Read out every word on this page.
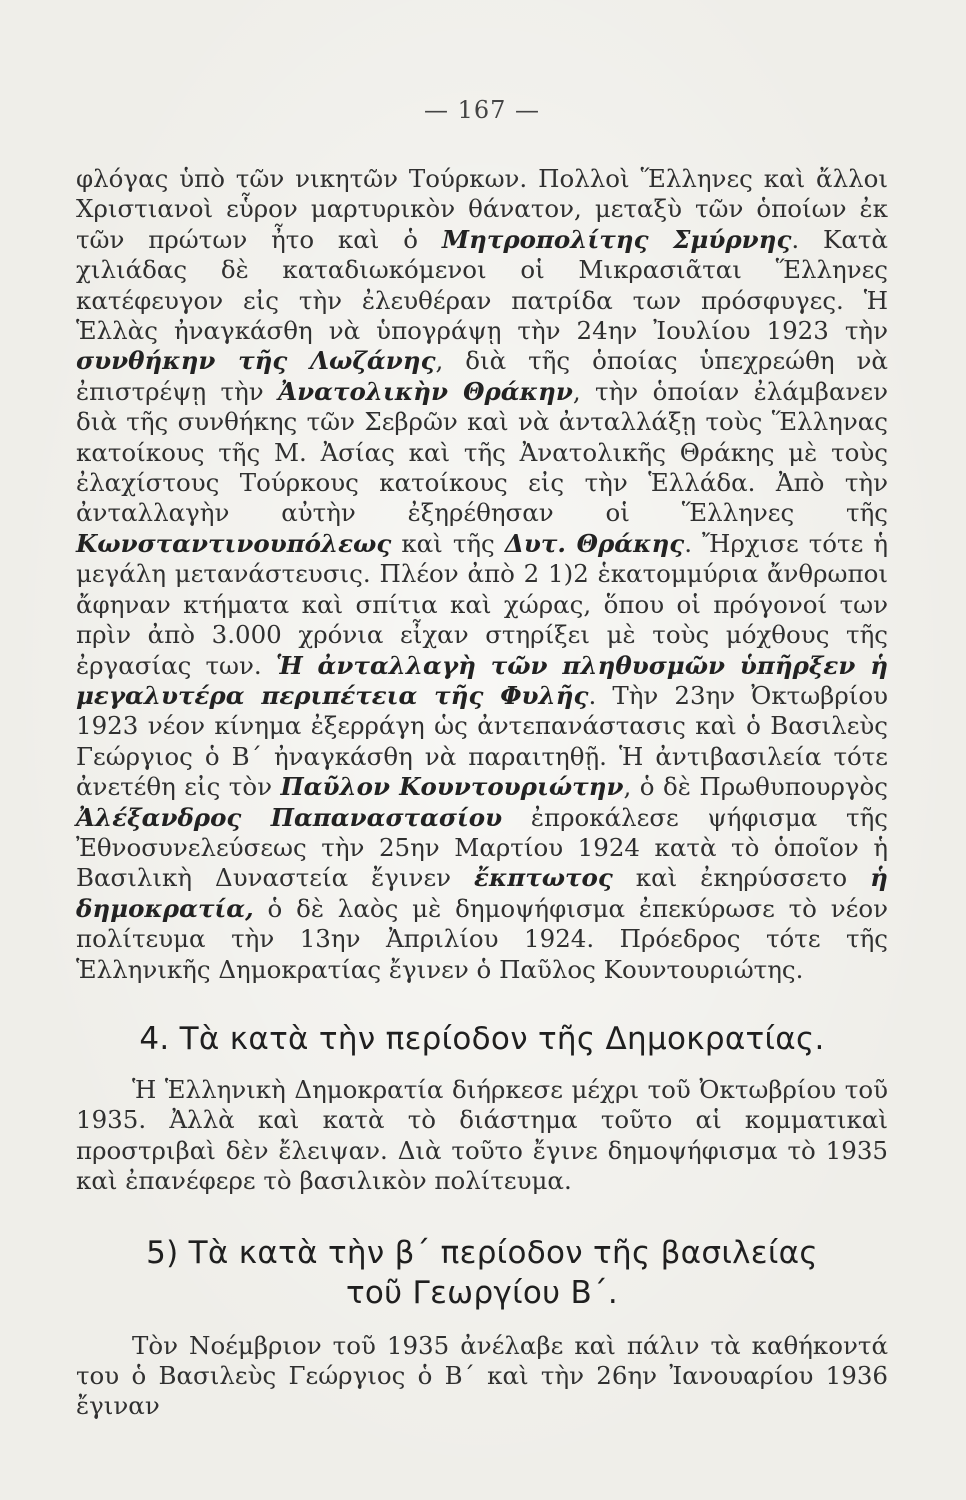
— 167 —

φλόγας ὑπὸ τῶν νικητῶν Τούρκων. Πολλοὶ Ἕλληνες καὶ ἄλλοι Χριστιανοὶ εὗρον μαρτυρικὸν θάνατον, μεταξὺ τῶν ὁποίων ἐκ τῶν πρώτων ἦτο καὶ ὁ Μητροπολίτης Σμύρνης. Κατὰ χιλιάδας δὲ καταδιωκόμενοι οἱ Μικρασιᾶται Ἕλληνες κατέφευγον εἰς τὴν ἐλευθέραν πατρίδα των πρόσφυγες. Ἡ Ἑλλὰς ἠναγκάσθη νὰ ὑπογράψῃ τὴν 24ην Ἰουλίου 1923 τὴν συνθήκην τῆς Λωζάνης, διὰ τῆς ὁποίας ὑπεχρεώθη νὰ ἐπιστρέψῃ τὴν Ἀνατολικὴν Θράκην, τὴν ὁποίαν ἐλάμβανεν διὰ τῆς συνθήκης τῶν Σεβρῶν καὶ νὰ ἀνταλλάξῃ τοὺς Ἕλληνας κατοίκους τῆς Μ. Ἀσίας καὶ τῆς Ἀνατολικῆς Θράκης μὲ τοὺς ἐλαχίστους Τούρκους κατοίκους εἰς τὴν Ἑλλάδα. Ἀπὸ τὴν ἀνταλλαγὴν αὐτὴν ἐξηρέθησαν οἱ Ἕλληνες τῆς Κωνσταντινουπόλεως καὶ τῆς Δυτ. Θράκης. Ἤρχισε τότε ἡ μεγάλη μετανάστευσις. Πλέον ἀπὸ 2 1)2 ἑκατομμύρια ἄνθρωποι ἄφηναν κτήματα καὶ σπίτια καὶ χώρας, ὅπου οἱ πρόγονοί των πρὶν ἀπὸ 3.000 χρόνια εἶχαν στηρίξει μὲ τοὺς μόχθους τῆς ἐργασίας των. Ἡ ἀνταλλαγὴ τῶν πληθυσμῶν ὑπῆρξεν ἡ μεγαλυτέρα περιπέτεια τῆς Φυλῆς. Τὴν 23ην Ὀκτωβρίου 1923 νέον κίνημα ἐξερράγη ὡς ἀντεπανάστασις καὶ ὁ Βασιλεὺς Γεώργιος ὁ Β΄ ἠναγκάσθη νὰ παραιτηθῇ. Ἡ ἀντιβασιλεία τότε ἀνετέθη εἰς τὸν Παῦλον Κουντουριώτην, ὁ δὲ Πρωθυπουργὸς Ἀλέξανδρος Παπαναστασίου ἐπροκάλεσε ψήφισμα τῆς Ἐθνοσυνελεύσεως τὴν 25ην Μαρτίου 1924 κατὰ τὸ ὁποῖον ἡ Βασιλικὴ Δυναστεία ἔγινεν ἔκπτωτος καὶ ἐκηρύσσετο ἡ δημοκρατία, ὁ δὲ λαὸς μὲ δημοψήφισμα ἐπεκύρωσε τὸ νέον πολίτευμα τὴν 13ην Ἀπριλίου 1924. Πρόεδρος τότε τῆς Ἑλληνικῆς Δημοκρατίας ἔγινεν ὁ Παῦλος Κουντουριώτης.

4. Τὰ κατὰ τὴν περίοδον τῆς Δημοκρατίας.

Ἡ Ἑλληνικὴ Δημοκρατία διήρκεσε μέχρι τοῦ Ὀκτωβρίου τοῦ 1935. Ἀλλὰ καὶ κατὰ τὸ διάστημα τοῦτο αἱ κομματικαὶ προστριβαὶ δὲν ἔλειψαν. Διὰ τοῦτο ἔγινε δημοψήφισμα τὸ 1935 καὶ ἐπανέφερε τὸ βασιλικὸν πολίτευμα.

5) Τὰ κατὰ τὴν β΄ περίοδον τῆς βασιλείας
τοῦ Γεωργίου Β΄.

Τὸν Νοέμβριον τοῦ 1935 ἀνέλαβε καὶ πάλιν τὰ καθήκοντά του ὁ Βασιλεὺς Γεώργιος ὁ Β΄ καὶ τὴν 26ην Ἰανουαρίου 1936 ἔγιναν
